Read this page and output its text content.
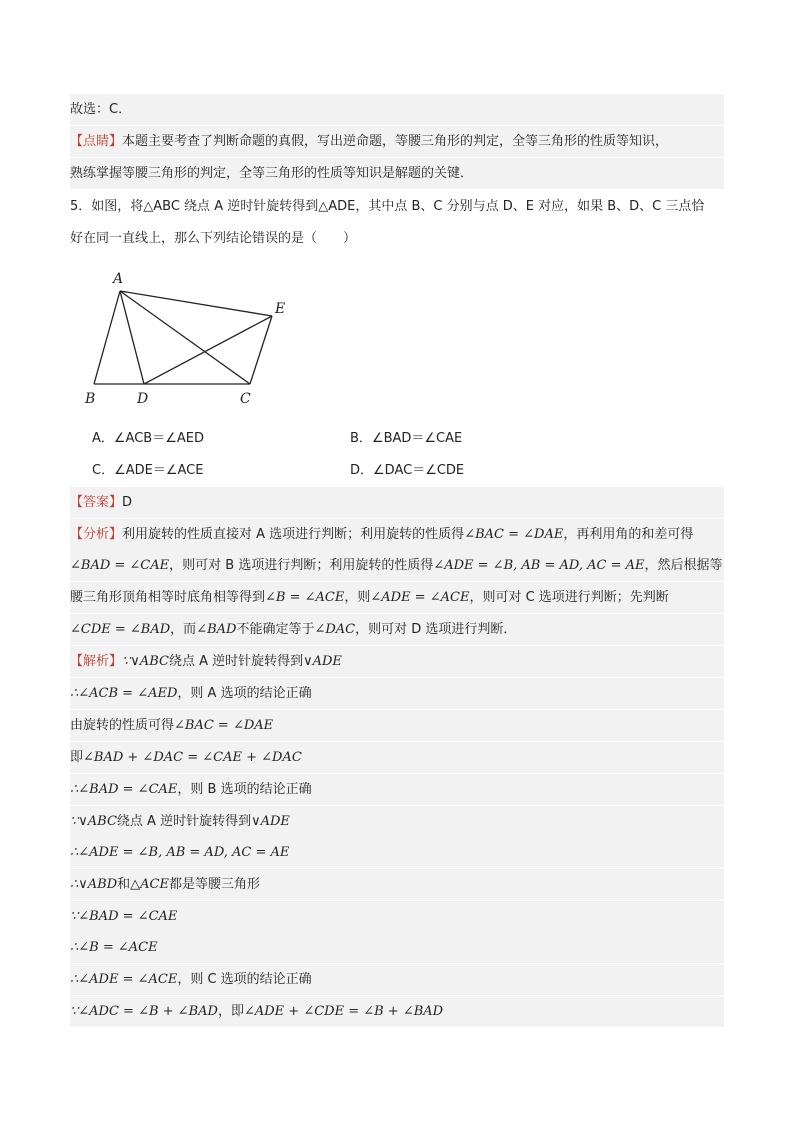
故选：C．
【点睛】本题主要考查了判断命题的真假，写出逆命题，等腰三角形的判定，全等三角形的性质等知识，
熟练掌握等腰三角形的判定，全等三角形的性质等知识是解题的关键．
5．如图，将△ABC 绕点 A 逆时针旋转得到△ADE，其中点 B、C 分别与点 D、E 对应，如果 B、D、C 三点恰
好在同一直线上，那么下列结论错误的是（　　）
A
B	D	C
E
A．∠ACB＝∠AED	B．∠BAD＝∠CAE
C．∠ADE＝∠ACE	D．∠DAC＝∠CDE
【答案】D
【分析】利用旋转的性质直接对 A 选项进行判断；利用旋转的性质得∠BAC = ∠DAE，再利用角的和差可得
∠BAD = ∠CAE，则可对 B 选项进行判断；利用旋转的性质得∠ADE = ∠B, AB = AD, AC = AE，然后根据等
腰三角形顶角相等时底角相等得到∠B = ∠ACE，则∠ADE = ∠ACE，则可对 C 选项进行判断；先判断
∠CDE = ∠BAD，而∠BAD不能确定等于∠DAC，则可对 D 选项进行判断．
【解析】∵∨ABC绕点 A 逆时针旋转得到∨ADE
∴∠ACB = ∠AED，则 A 选项的结论正确
由旋转的性质可得∠BAC = ∠DAE
即∠BAD + ∠DAC = ∠CAE + ∠DAC
∴∠BAD = ∠CAE，则 B 选项的结论正确
∵∨ABC绕点 A 逆时针旋转得到∨ADE
∴∠ADE = ∠B, AB = AD, AC = AE
∴∨ABD和△ACE都是等腰三角形
∵∠BAD = ∠CAE
∴∠B = ∠ACE
∴∠ADE = ∠ACE，则 C 选项的结论正确
∵∠ADC = ∠B + ∠BAD，即∠ADE + ∠CDE = ∠B + ∠BAD
